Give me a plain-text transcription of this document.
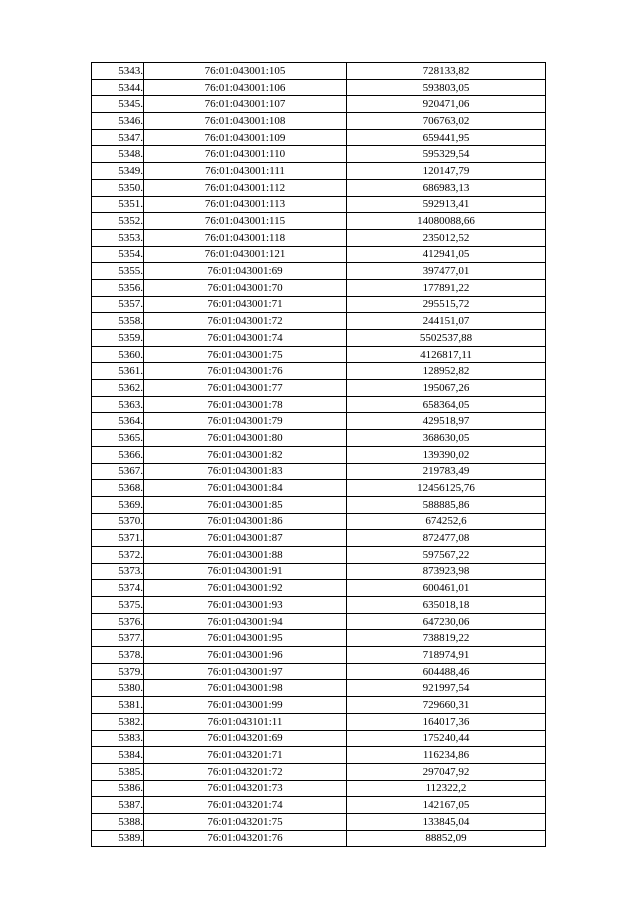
5343.	76:01:043001:105	728133,82
5344.	76:01:043001:106	593803,05
5345.	76:01:043001:107	920471,06
5346.	76:01:043001:108	706763,02
5347.	76:01:043001:109	659441,95
5348.	76:01:043001:110	595329,54
5349.	76:01:043001:111	120147,79
5350.	76:01:043001:112	686983,13
5351.	76:01:043001:113	592913,41
5352.	76:01:043001:115	14080088,66
5353.	76:01:043001:118	235012,52
5354.	76:01:043001:121	412941,05
5355.	76:01:043001:69	397477,01
5356.	76:01:043001:70	177891,22
5357.	76:01:043001:71	295515,72
5358.	76:01:043001:72	244151,07
5359.	76:01:043001:74	5502537,88
5360.	76:01:043001:75	4126817,11
5361.	76:01:043001:76	128952,82
5362.	76:01:043001:77	195067,26
5363.	76:01:043001:78	658364,05
5364.	76:01:043001:79	429518,97
5365.	76:01:043001:80	368630,05
5366.	76:01:043001:82	139390,02
5367.	76:01:043001:83	219783,49
5368.	76:01:043001:84	12456125,76
5369.	76:01:043001:85	588885,86
5370.	76:01:043001:86	674252,6
5371.	76:01:043001:87	872477,08
5372.	76:01:043001:88	597567,22
5373.	76:01:043001:91	873923,98
5374.	76:01:043001:92	600461,01
5375.	76:01:043001:93	635018,18
5376.	76:01:043001:94	647230,06
5377.	76:01:043001:95	738819,22
5378.	76:01:043001:96	718974,91
5379.	76:01:043001:97	604488,46
5380.	76:01:043001:98	921997,54
5381.	76:01:043001:99	729660,31
5382.	76:01:043101:11	164017,36
5383.	76:01:043201:69	175240,44
5384.	76:01:043201:71	116234,86
5385.	76:01:043201:72	297047,92
5386.	76:01:043201:73	112322,2
5387.	76:01:043201:74	142167,05
5388.	76:01:043201:75	133845,04
5389.	76:01:043201:76	88852,09
